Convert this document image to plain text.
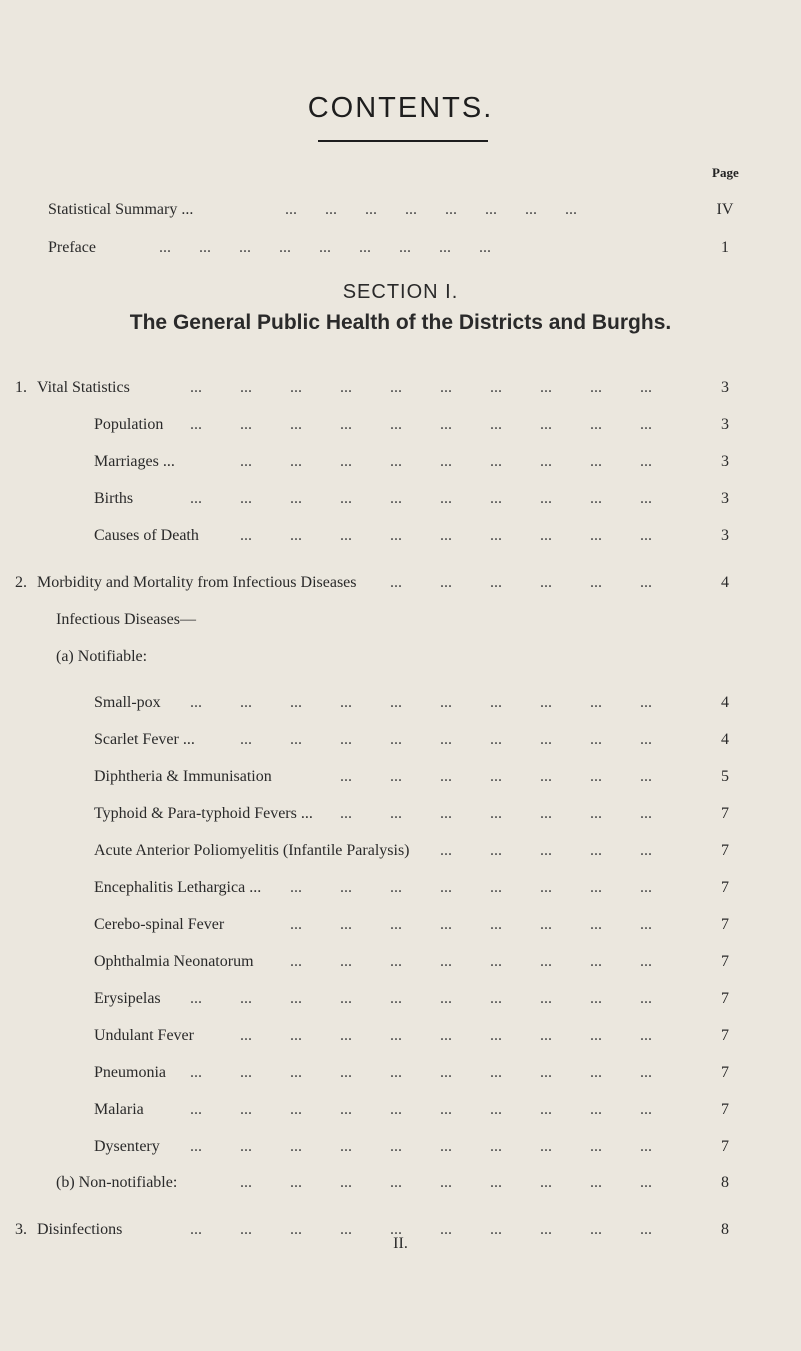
CONTENTS.
Page
Statistical Summary ...	...       ...       ...       ...       ...       ...       ...       ...	IV
Preface	...       ...       ...       ...       ...       ...       ...       ...       ...	1
SECTION I.
The General Public Health of the Districts and Burghs.
1. Vital Statistics	3
... ... ... ... ... ... ... ... ... ...
Population	3
... ... ... ... ... ... ... ... ... ...
Marriages ...	3
... ... ... ... ... ... ... ... ...
Births	3
... ... ... ... ... ... ... ... ... ...
Causes of Death	3
... ... ... ... ... ... ... ... ...
2. Morbidity and Mortality from Infectious Diseases	4
... ... ... ... ... ...
Infectious Diseases—
(a) Notifiable:
Small-pox	4
... ... ... ... ... ... ... ... ... ...
Scarlet Fever ...	4
... ... ... ... ... ... ... ... ...
Diphtheria & Immunisation	5
... ... ... ... ... ... ...
Typhoid & Para-typhoid Fevers ...	7
... ... ... ... ... ... ...
Acute Anterior Poliomyelitis (Infantile Paralysis)	7
... ... ... ... ...
Encephalitis Lethargica ...	7
... ... ... ... ... ... ... ...
Cerebo-spinal Fever	7
... ... ... ... ... ... ... ...
Ophthalmia Neonatorum	7
... ... ... ... ... ... ... ...
Erysipelas	7
... ... ... ... ... ... ... ... ... ...
Undulant Fever	7
... ... ... ... ... ... ... ... ...
Pneumonia	7
... ... ... ... ... ... ... ... ... ...
Malaria	7
... ... ... ... ... ... ... ... ... ...
Dysentery	7
... ... ... ... ... ... ... ... ... ...
(b) Non-notifiable:	8
... ... ... ... ... ... ... ... ...
3. Disinfections	8
... ... ... ... ... ... ... ... ... ...
II.
